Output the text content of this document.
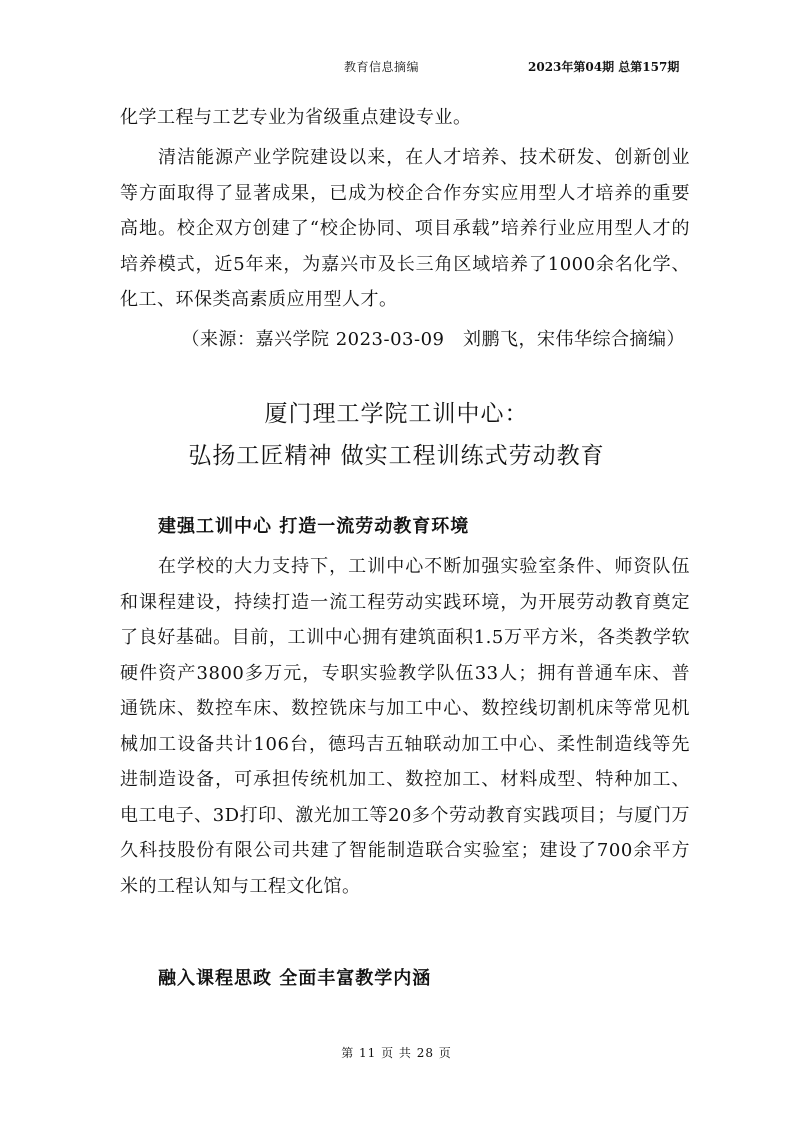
教育信息摘编	2023年第04期 总第157期

化学工程与工艺专业为省级重点建设专业。

清洁能源产业学院建设以来，在人才培养、技术研发、创新创业等方面取得了显著成果，已成为校企合作夯实应用型人才培养的重要高地。校企双方创建了“校企协同、项目承载”培养行业应用型人才的培养模式，近5年来，为嘉兴市及长三角区域培养了1000余名化学、化工、环保类高素质应用型人才。

（来源：嘉兴学院 2023-03-09　刘鹏飞，宋伟华综合摘编）
厦门理工学院工训中心：
弘扬工匠精神 做实工程训练式劳动教育
建强工训中心 打造一流劳动教育环境

在学校的大力支持下，工训中心不断加强实验室条件、师资队伍和课程建设，持续打造一流工程劳动实践环境，为开展劳动教育奠定了良好基础。目前，工训中心拥有建筑面积1.5万平方米，各类教学软硬件资产3800多万元，专职实验教学队伍33人；拥有普通车床、普通铣床、数控车床、数控铣床与加工中心、数控线切割机床等常见机械加工设备共计106台，德玛吉五轴联动加工中心、柔性制造线等先进制造设备，可承担传统机加工、数控加工、材料成型、特种加工、电工电子、3D打印、激光加工等20多个劳动教育实践项目；与厦门万久科技股份有限公司共建了智能制造联合实验室；建设了700余平方米的工程认知与工程文化馆。

融入课程思政 全面丰富教学内涵
第 11 页 共 28 页
